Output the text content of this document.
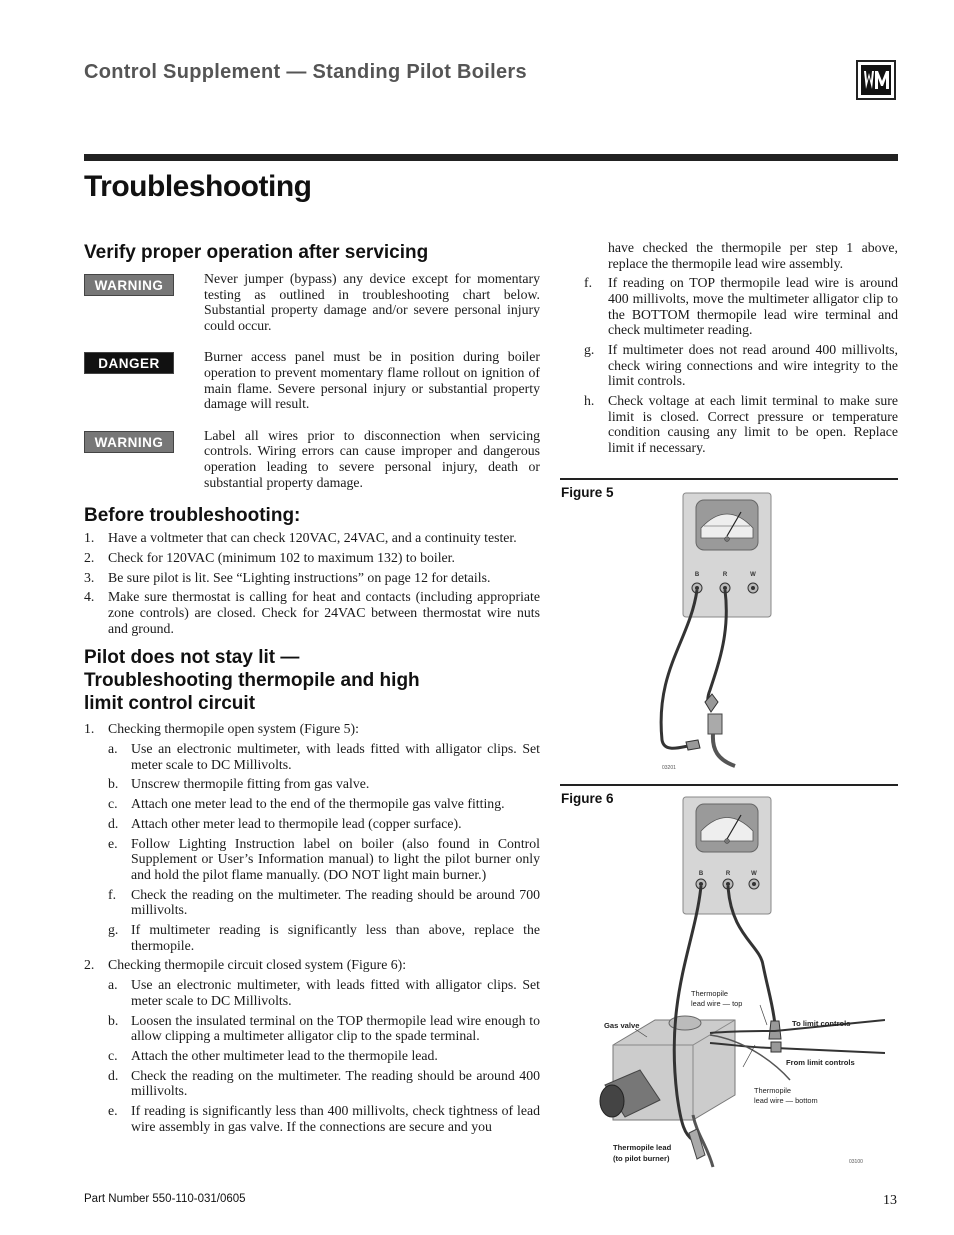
Control Supplement — Standing Pilot Boilers
Troubleshooting
Verify proper operation after servicing
WARNING	Never jumper (bypass) any device except for momentary testing as outlined in troubleshooting chart below. Substantial property damage and/or severe personal injury could occur.
DANGER	Burner access panel must be in position during boiler operation to prevent momentary flame rollout on ignition of main flame. Severe personal injury or substantial property damage will result.
WARNING	Label all wires prior to disconnection when servicing controls. Wiring errors can cause improper and dangerous operation leading to severe personal injury, death or substantial property damage.
Before troubleshooting:
1. Have a voltmeter that can check 120VAC, 24VAC, and a continuity tester.
2. Check for 120VAC (minimum 102 to maximum 132) to boiler.
3. Be sure pilot is lit. See “Lighting instructions” on page 12 for details.
4. Make sure thermostat is calling for heat and contacts (including appropriate zone controls) are closed. Check for 24VAC between thermostat wire nuts and ground.
Pilot does not stay lit —
Troubleshooting thermopile and high
limit control circuit
1. Checking thermopile open system (Figure 5):
a. Use an electronic multimeter, with leads fitted with alligator clips. Set meter scale to DC Millivolts.
b. Unscrew thermopile fitting from gas valve.
c. Attach one meter lead to the end of the thermopile gas valve fitting.
d. Attach other meter lead to thermopile lead (copper surface).
e. Follow Lighting Instruction label on boiler (also found in Control Supplement or User’s Information manual) to light the pilot burner only and hold the pilot flame manually. (DO NOT light main burner.)
f. Check the reading on the multimeter. The reading should be around 700 millivolts.
g. If multimeter reading is significantly less than above, replace the thermopile.
2. Checking thermopile circuit closed system (Figure 6):
a. Use an electronic multimeter, with leads fitted with alligator clips. Set meter scale to DC Millivolts.
b. Loosen the insulated terminal on the TOP thermopile lead wire enough to allow clipping a multimeter alligator clip to the spade terminal.
c. Attach the other multimeter lead to the thermopile lead.
d. Check the reading on the multimeter. The reading should be around 400 millivolts.
e. If reading is significantly less than 400 millivolts, check tightness of lead wire assembly in gas valve. If the connections are secure and you
have checked the thermopile per step 1 above, replace the thermopile lead wire assembly.
f. If reading on TOP thermopile lead wire is around 400 millivolts, move the multimeter alligator clip to the BOTTOM thermopile lead wire terminal and check multimeter reading.
g. If multimeter does not read around 400 millivolts, check wiring connections and wire integrity to the limit controls.
h. Check voltage at each limit terminal to make sure limit is closed. Correct pressure or temperature condition causing any limit to be open. Replace limit if necessary.
Figure 5
B	R	W
03201
Figure 6
B	R	W
Thermopile
lead wire — top
To limit controls
Gas valve
From limit controls
Thermopile
lead wire — bottom
Thermopile lead
(to pilot burner)	03100
Part Number 550-110-031/0605	13
